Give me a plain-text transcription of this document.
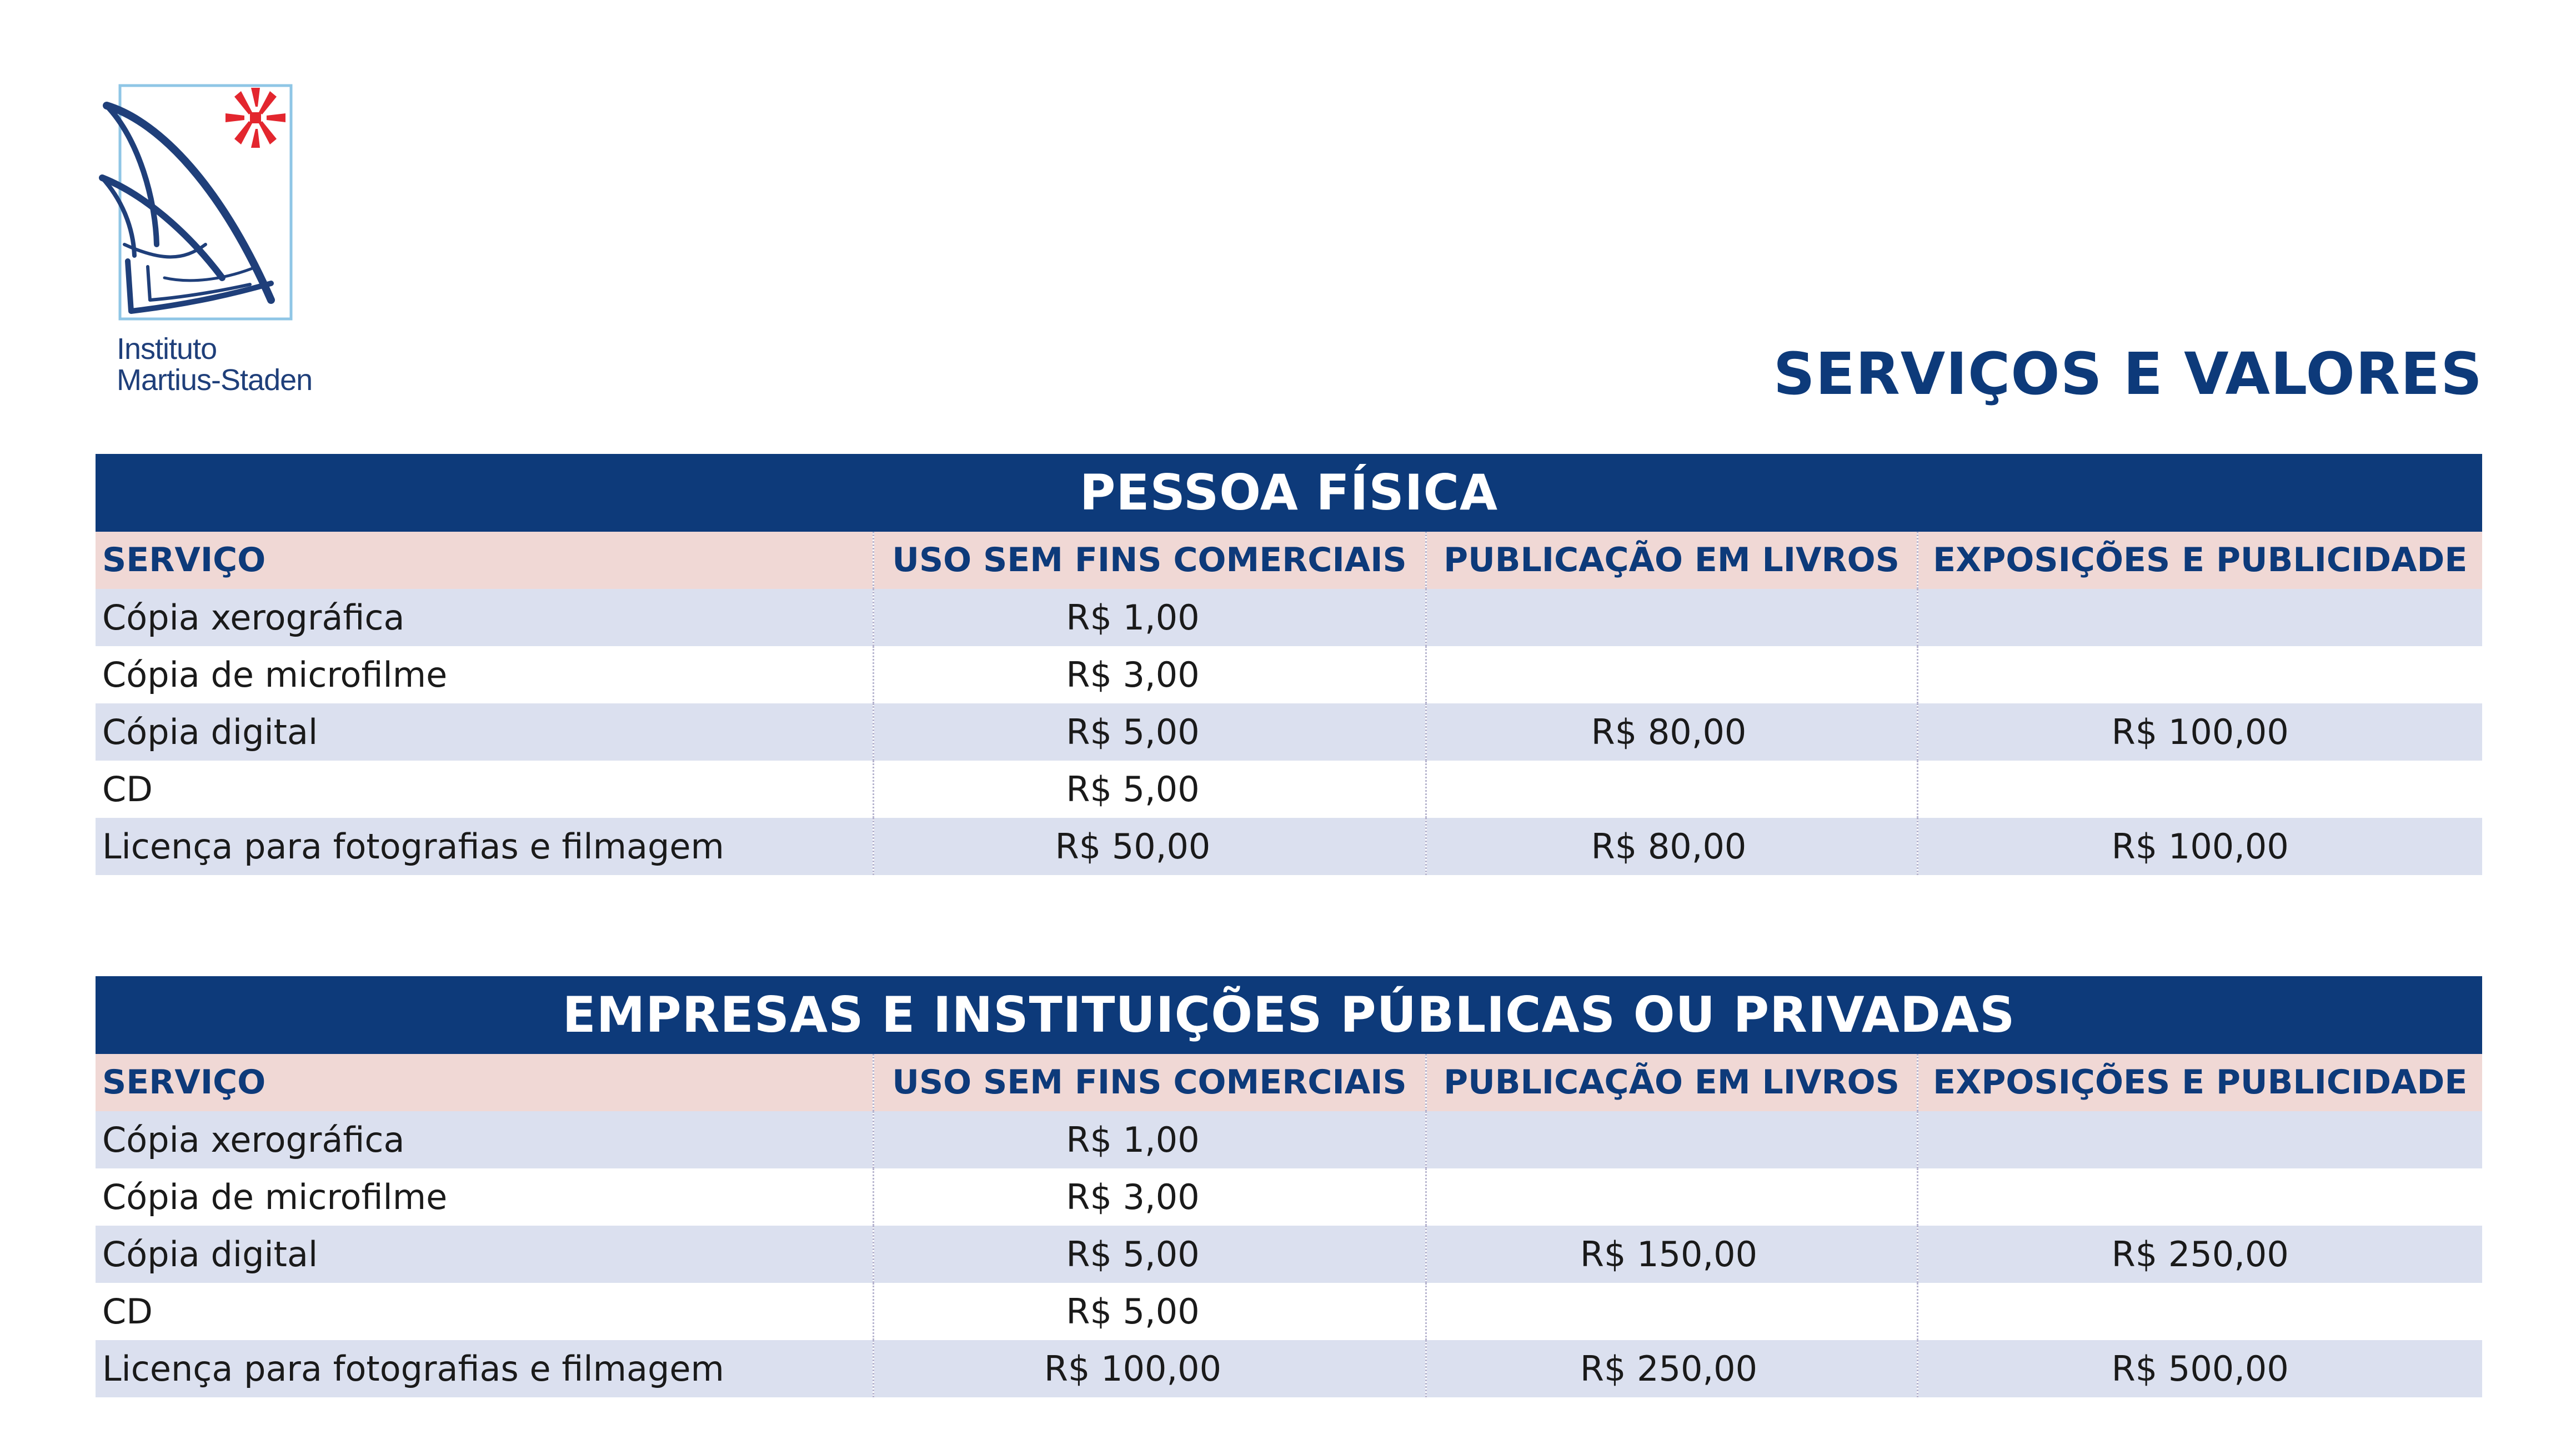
Instituto
Martius-Staden	SERVIÇOS E VALORES
PESSOA FÍSICA
SERVIÇO	USO SEM FINS COMERCIAIS	PUBLICAÇÃO EM LIVROS	EXPOSIÇÕES E PUBLICIDADE
Cópia xerográfica	R$ 1,00		
Cópia de microfilme	R$ 3,00		
Cópia digital	R$ 5,00	R$ 80,00	R$ 100,00
CD	R$ 5,00		
Licença para fotografias e filmagem	R$ 50,00	R$ 80,00	R$ 100,00
EMPRESAS E INSTITUIÇÕES PÚBLICAS OU PRIVADAS
SERVIÇO	USO SEM FINS COMERCIAIS	PUBLICAÇÃO EM LIVROS	EXPOSIÇÕES E PUBLICIDADE
Cópia xerográfica	R$ 1,00		
Cópia de microfilme	R$ 3,00		
Cópia digital	R$ 5,00	R$ 150,00	R$ 250,00
CD	R$ 5,00		
Licença para fotografias e filmagem	R$ 100,00	R$ 250,00	R$ 500,00
